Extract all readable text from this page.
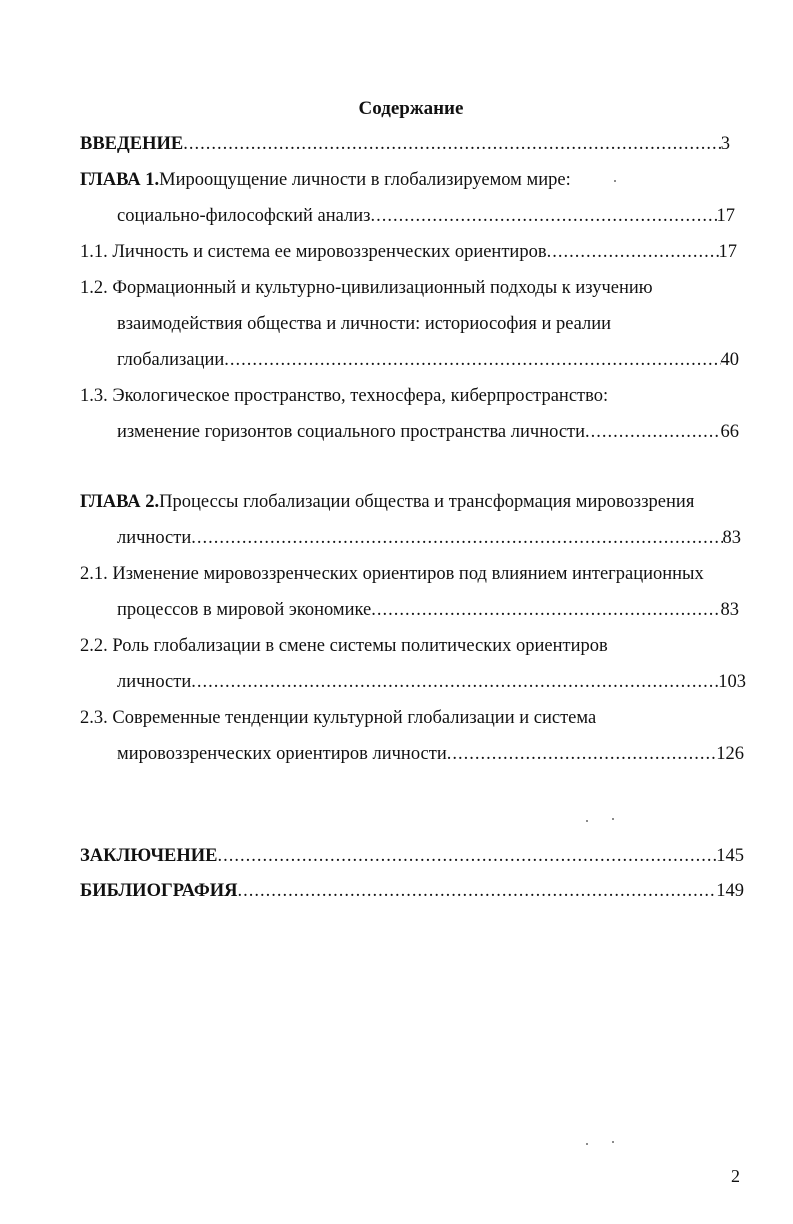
Содержание
ВВЕДЕНИЕ .....	3
ГЛАВА 1. Мироощущение личности в глобализируемом мире:
социально-философский анализ .....	17
1.1. Личность и система ее мировоззренческих ориентиров .....	17
1.2. Формационный и культурно-цивилизационный подходы к изучению
взаимодействия общества и личности: историософия и реалии
глобализации .....	40
1.3. Экологическое пространство, техносфера, киберпространство:
изменение горизонтов социального пространства личности .....	66
ГЛАВА 2. Процессы глобализации общества и трансформация мировоззрения
личности .....	83
2.1. Изменение мировоззренческих ориентиров под влиянием интеграционных
процессов в мировой экономике .....	83
2.2. Роль глобализации в смене системы политических ориентиров
личности .....	103
2.3. Современные тенденции культурной глобализации и система
мировоззренческих ориентиров личности .....	126
ЗАКЛЮЧЕНИЕ .....	145
БИБЛИОГРАФИЯ .....	149
2
